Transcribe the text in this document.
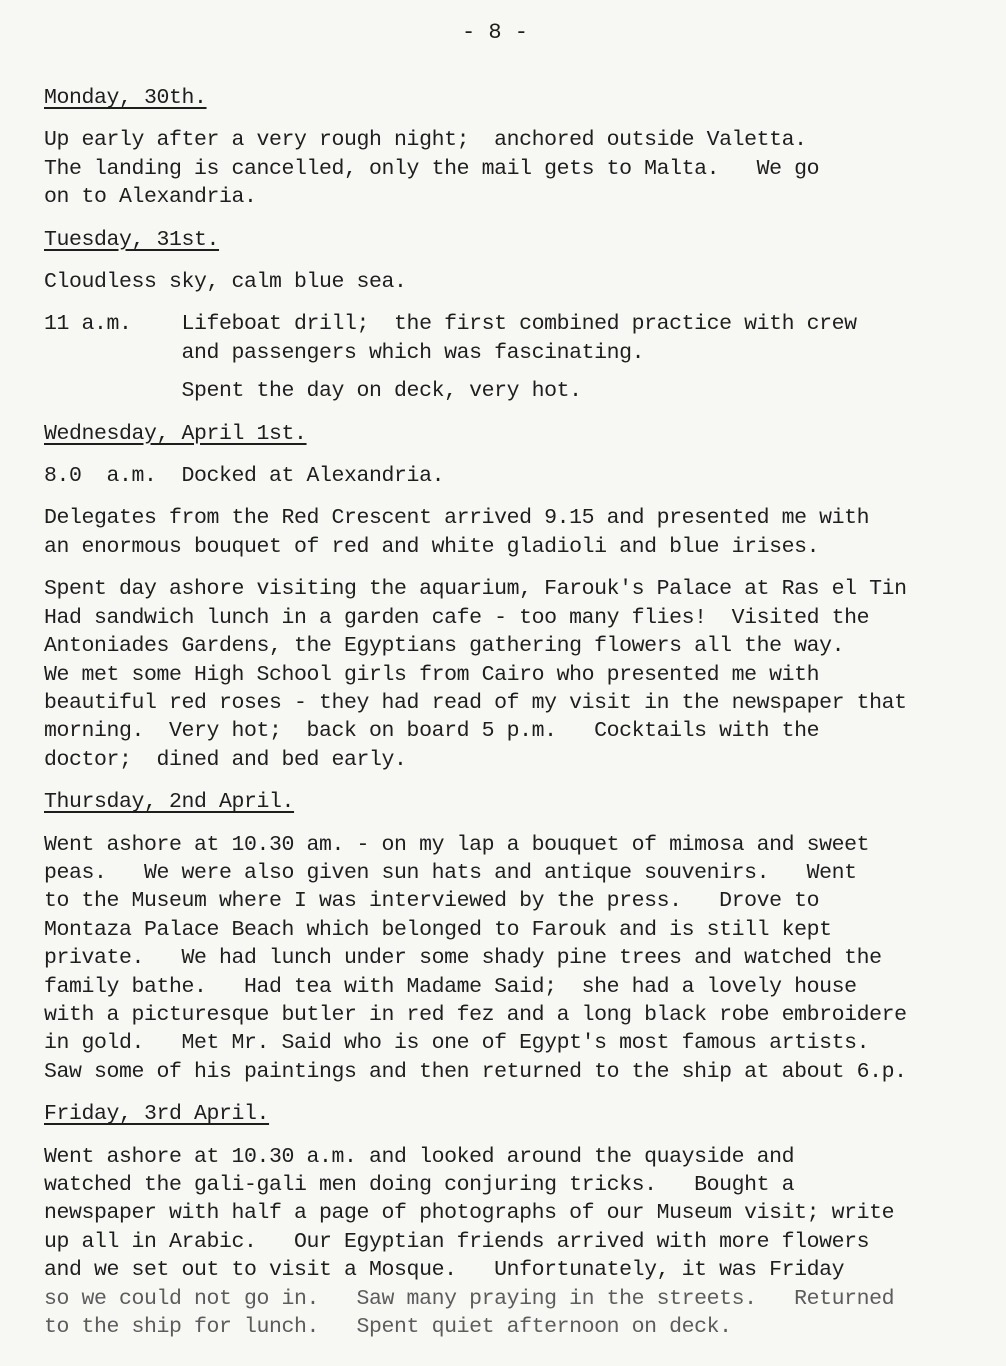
- 8 -
Monday, 30th.
Up early after a very rough night;  anchored outside Valetta.
The landing is cancelled, only the mail gets to Malta.   We go
on to Alexandria.
Tuesday, 31st.
Cloudless sky, calm blue sea.
11 a.m.    Lifeboat drill;  the first combined practice with crew
and passengers which was fascinating.
Spent the day on deck, very hot.
Wednesday, April 1st.
8.0  a.m.  Docked at Alexandria.
Delegates from the Red Crescent arrived 9.15 and presented me with
an enormous bouquet of red and white gladioli and blue irises.
Spent day ashore visiting the aquarium, Farouk's Palace at Ras el Tin
Had sandwich lunch in a garden cafe - too many flies!  Visited the
Antoniades Gardens, the Egyptians gathering flowers all the way.
We met some High School girls from Cairo who presented me with
beautiful red roses - they had read of my visit in the newspaper that
morning.  Very hot;  back on board 5 p.m.   Cocktails with the
doctor;  dined and bed early.
Thursday, 2nd April.
Went ashore at 10.30 am. - on my lap a bouquet of mimosa and sweet
peas.   We were also given sun hats and antique souvenirs.   Went
to the Museum where I was interviewed by the press.   Drove to
Montaza Palace Beach which belonged to Farouk and is still kept
private.   We had lunch under some shady pine trees and watched the
family bathe.   Had tea with Madame Said;  she had a lovely house
with a picturesque butler in red fez and a long black robe embroidere
in gold.   Met Mr. Said who is one of Egypt's most famous artists.
Saw some of his paintings and then returned to the ship at about 6.p.
Friday, 3rd April.
Went ashore at 10.30 a.m. and looked around the quayside and
watched the gali-gali men doing conjuring tricks.   Bought a
newspaper with half a page of photographs of our Museum visit; write
up all in Arabic.   Our Egyptian friends arrived with more flowers
and we set out to visit a Mosque.   Unfortunately, it was Friday
so we could not go in.   Saw many praying in the streets.   Returned
to the ship for lunch.   Spent quiet afternoon on deck.
